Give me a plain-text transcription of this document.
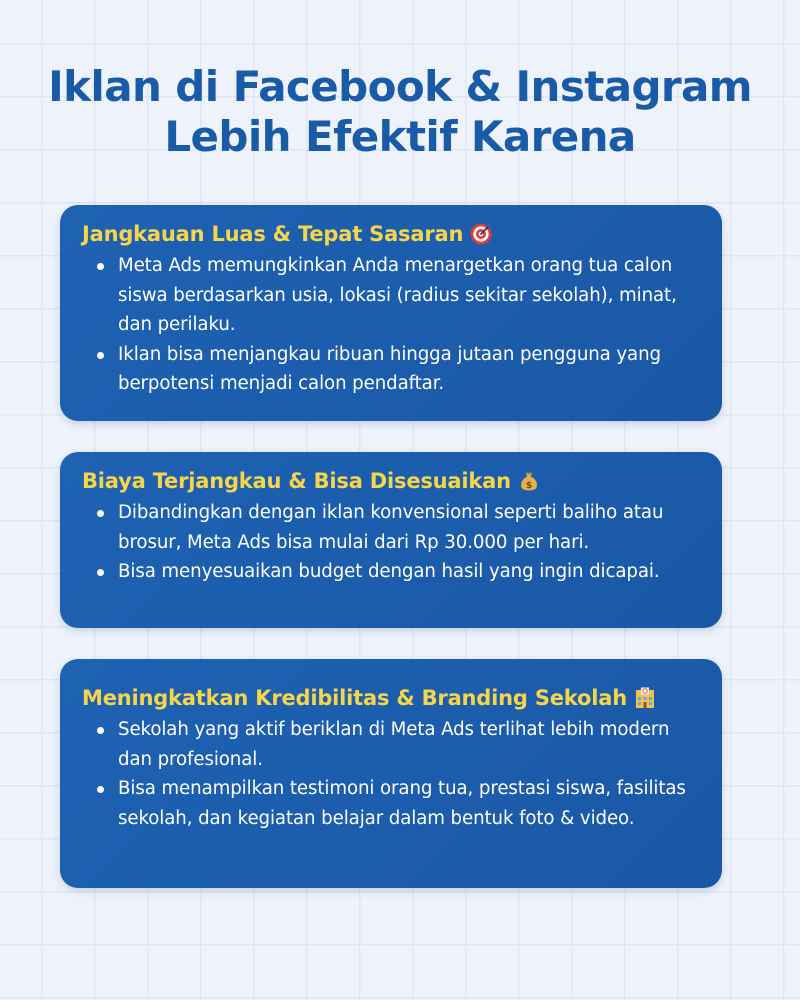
Iklan di Facebook & Instagram
Lebih Efektif Karena
Jangkauan Luas & Tepat Sasaran
Meta Ads memungkinkan Anda menargetkan orang tua calon siswa berdasarkan usia, lokasi (radius sekitar sekolah), minat, dan perilaku.
Iklan bisa menjangkau ribuan hingga jutaan pengguna yang berpotensi menjadi calon pendaftar.
Biaya Terjangkau & Bisa Disesuaikan $
Dibandingkan dengan iklan konvensional seperti baliho atau brosur, Meta Ads bisa mulai dari Rp 30.000 per hari.
Bisa menyesuaikan budget dengan hasil yang ingin dicapai.
Meningkatkan Kredibilitas & Branding Sekolah
Sekolah yang aktif beriklan di Meta Ads terlihat lebih modern dan profesional.
Bisa menampilkan testimoni orang tua, prestasi siswa, fasilitas sekolah, dan kegiatan belajar dalam bentuk foto & video.
